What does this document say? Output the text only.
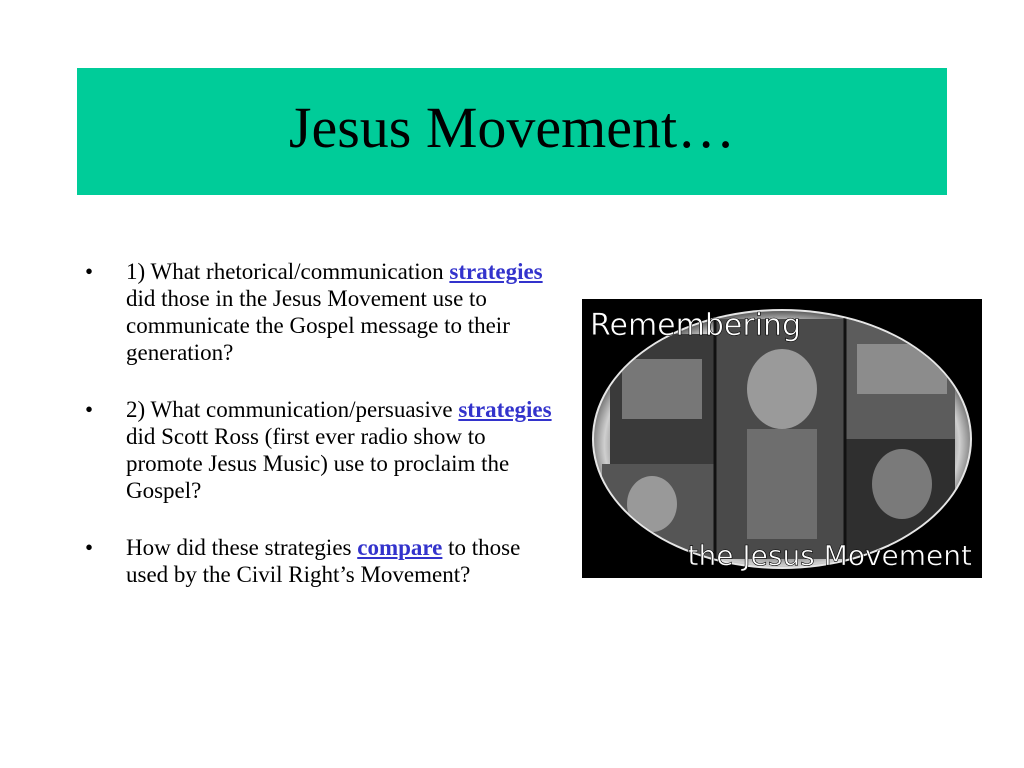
Jesus Movement…
• 1) What rhetorical/communication strategies did those in the Jesus Movement use to communicate the Gospel message to their generation?
• 2) What communication/persuasive strategies did Scott Ross (first ever radio show to promote Jesus Music) use to proclaim the Gospel?
• How did these strategies compare to those used by the Civil Right’s Movement?
Remembering
the Jesus Movement
